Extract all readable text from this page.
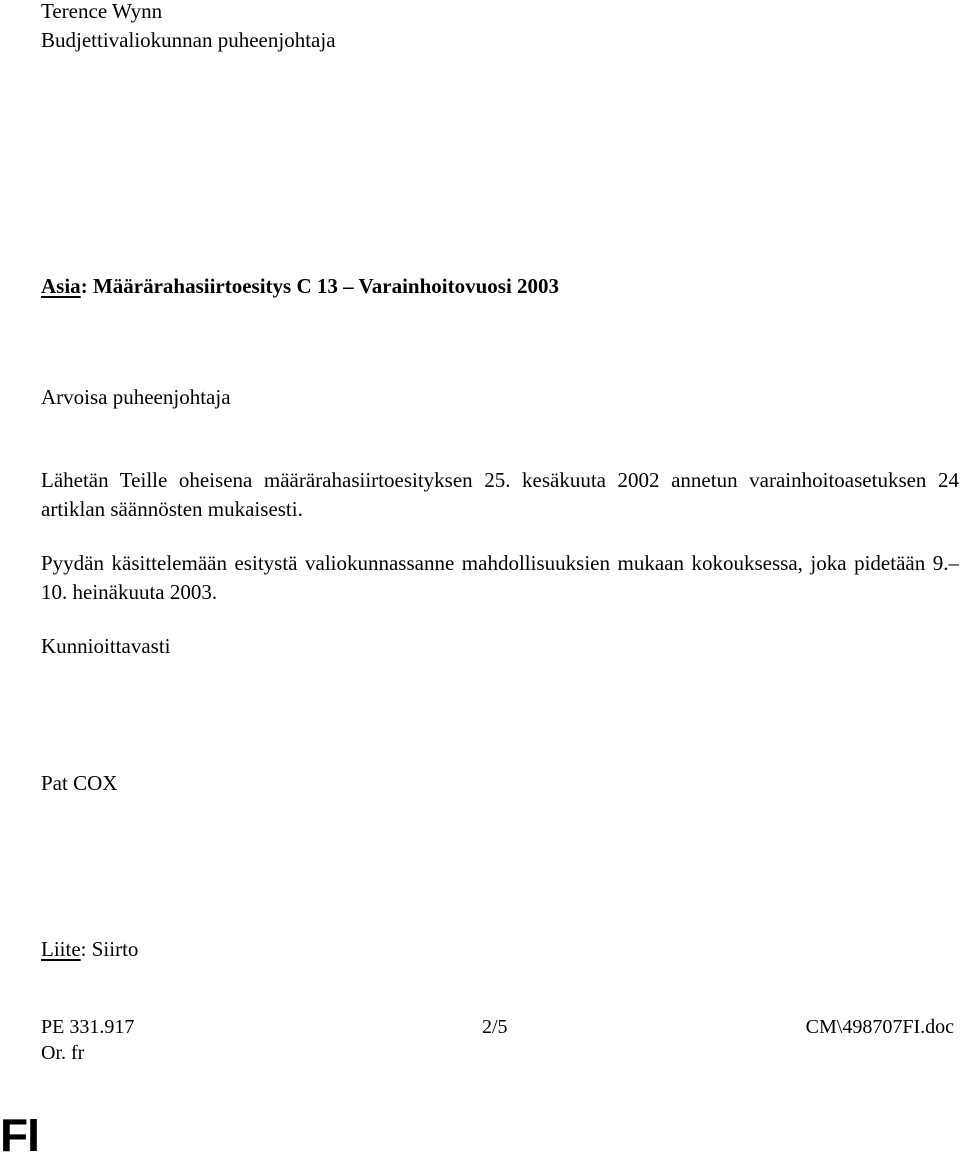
Terence Wynn
Budjettivaliokunnan puheenjohtaja
Asia: Määrärahasiirtoesitys C 13 – Varainhoitovuosi 2003
Arvoisa puheenjohtaja
Lähetän Teille oheisena määrärahasiirtoesityksen 25. kesäkuuta 2002 annetun varainhoitoasetuksen 24 artiklan säännösten mukaisesti.
Pyydän käsittelemään esitystä valiokunnassanne mahdollisuuksien mukaan kokouksessa, joka pidetään 9.–10. heinäkuuta 2003.
Kunnioittavasti
Pat COX
Liite: Siirto
PE 331.917	2/5	CM\498707FI.doc
Or. fr
FI
